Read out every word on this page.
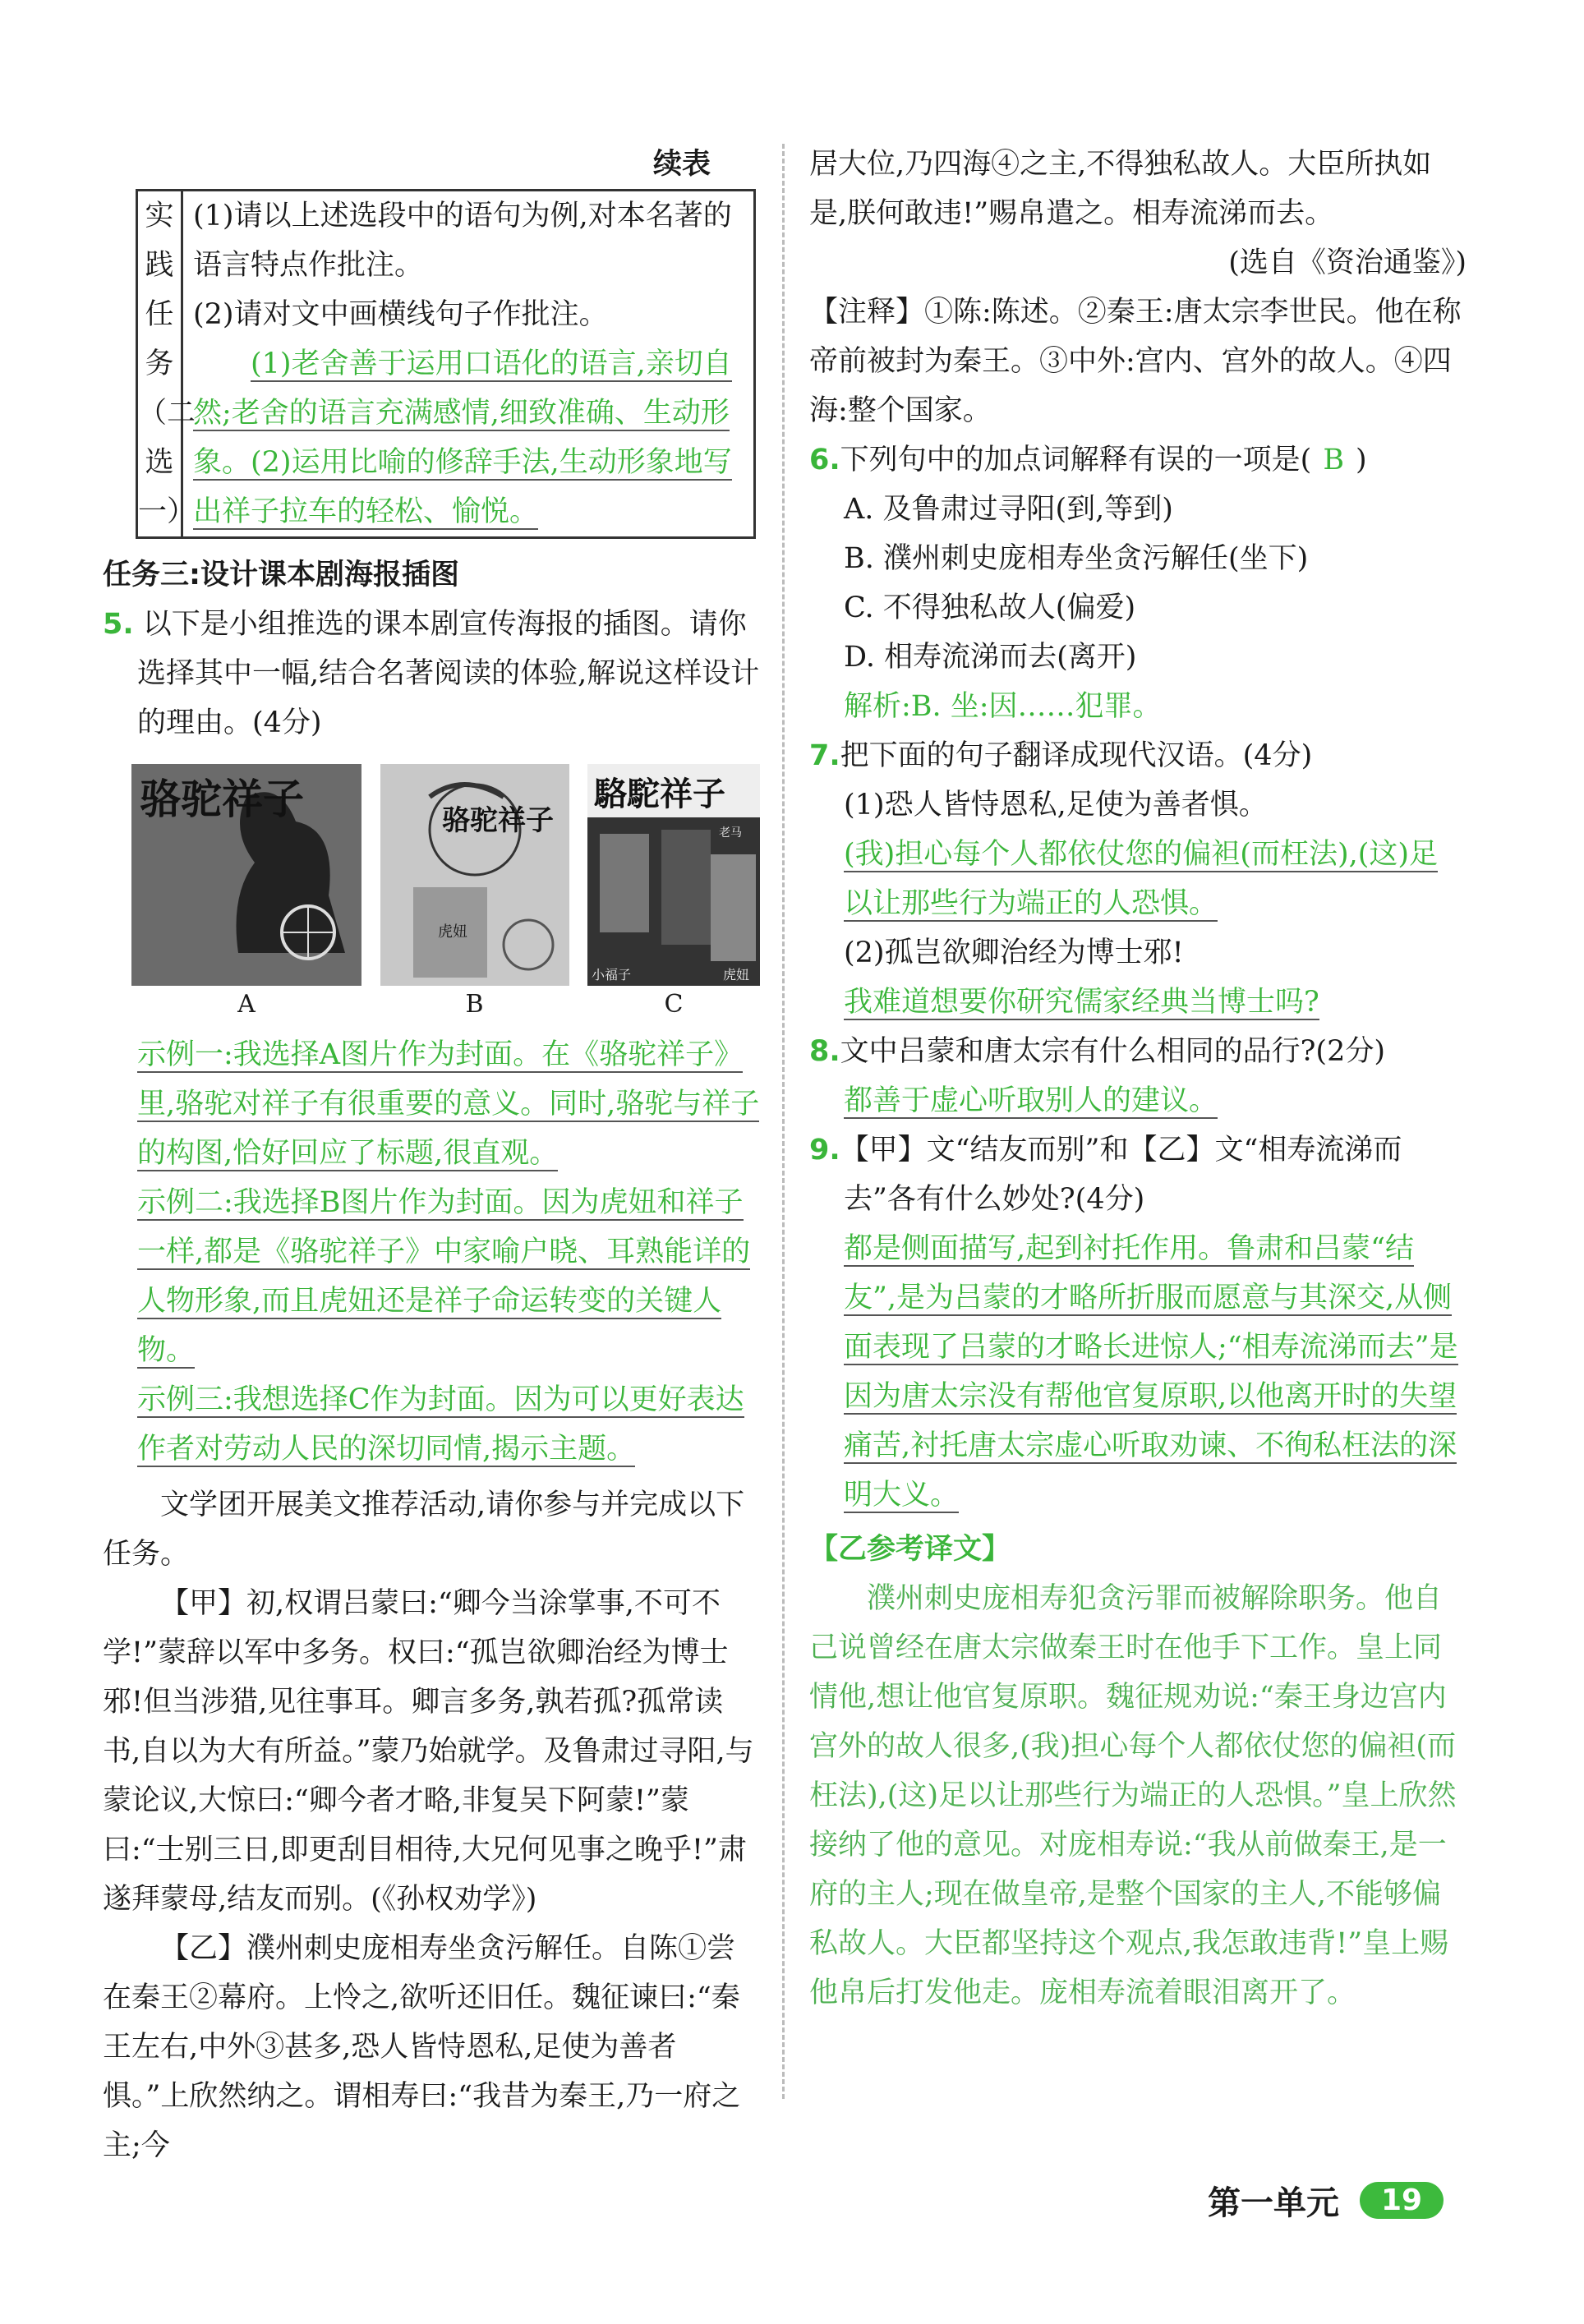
续表

实
践
任
务
（二
选
一）

(1)请以上述选段中的语句为例,对本名著的语言特点作批注。

(2)请对文中画横线句子作批注。

(1)老舍善于运用口语化的语言,亲切自然;老舍的语言充满感情,细致准确、生动形象。(2)运用比喻的修辞手法,生动形象地写出祥子拉车的轻松、愉悦。

任务三:设计课本剧海报插图

5. 以下是小组推选的课本剧宣传海报的插图。请你选择其中一幅,结合名著阅读的体验,解说这样设计的理由。(4分)

骆驼祥子
A
骆驼祥子
虎妞
B
駱駝祥子
老马
小福子	虎妞
C

示例一:我选择A图片作为封面。在《骆驼祥子》里,骆驼对祥子有很重要的意义。同时,骆驼与祥子的构图,恰好回应了标题,很直观。

示例二:我选择B图片作为封面。因为虎妞和祥子一样,都是《骆驼祥子》中家喻户晓、耳熟能详的人物形象,而且虎妞还是祥子命运转变的关键人物。

示例三:我想选择C作为封面。因为可以更好表达作者对劳动人民的深切同情,揭示主题。

文学团开展美文推荐活动,请你参与并完成以下任务。

【甲】初,权谓吕蒙曰:“卿今当涂掌事,不可不学!”蒙辞以军中多务。权曰:“孤岂欲卿治经为博士邪!但当涉猎,见往事耳。卿言多务,孰若孤?孤常读书,自以为大有所益。”蒙乃始就学。及鲁肃过寻阳,与蒙论议,大惊曰:“卿今者才略,非复吴下阿蒙!”蒙曰:“士别三日,即更刮目相待,大兄何见事之晚乎!”肃遂拜蒙母,结友而别。(《孙权劝学》)

【乙】濮州刺史庞相寿坐贪污解任。自陈①尝在秦王②幕府。上怜之,欲听还旧任。魏征谏曰:“秦王左右,中外③甚多,恐人皆恃恩私,足使为善者惧。”上欣然纳之。谓相寿曰:“我昔为秦王,乃一府之主;今

居大位,乃四海④之主,不得独私故人。大臣所执如是,朕何敢违!”赐帛遣之。相寿流涕而去。

(选自《资治通鉴》)

【注释】①陈:陈述。②秦王:唐太宗李世民。他在称帝前被封为秦王。③中外:宫内、宫外的故人。④四海:整个国家。

6.下列句中的加点词解释有误的一项是( B )

A. 及鲁肃过寻阳(到,等到)

B. 濮州刺史庞相寿坐贪污解任(坐下)

C. 不得独私故人(偏爱)

D. 相寿流涕而去(离开)

解析:B. 坐:因……犯罪。

7.把下面的句子翻译成现代汉语。(4分)

(1)恐人皆恃恩私,足使为善者惧。

(我)担心每个人都依仗您的偏袒(而枉法),(这)足以让那些行为端正的人恐惧。

(2)孤岂欲卿治经为博士邪!

我难道想要你研究儒家经典当博士吗?

8.文中吕蒙和唐太宗有什么相同的品行?(2分)

都善于虚心听取别人的建议。

9.【甲】文“结友而别”和【乙】文“相寿流涕而去”各有什么妙处?(4分)

都是侧面描写,起到衬托作用。鲁肃和吕蒙“结友”,是为吕蒙的才略所折服而愿意与其深交,从侧面表现了吕蒙的才略长进惊人;“相寿流涕而去”是因为唐太宗没有帮他官复原职,以他离开时的失望痛苦,衬托唐太宗虚心听取劝谏、不徇私枉法的深明大义。

【乙参考译文】

濮州刺史庞相寿犯贪污罪而被解除职务。他自己说曾经在唐太宗做秦王时在他手下工作。皇上同情他,想让他官复原职。魏征规劝说:“秦王身边宫内宫外的故人很多,(我)担心每个人都依仗您的偏袒(而枉法),(这)足以让那些行为端正的人恐惧。”皇上欣然接纳了他的意见。对庞相寿说:“我从前做秦王,是一府的主人;现在做皇帝,是整个国家的主人,不能够偏私故人。大臣都坚持这个观点,我怎敢违背!”皇上赐他帛后打发他走。庞相寿流着眼泪离开了。

第一单元	19
